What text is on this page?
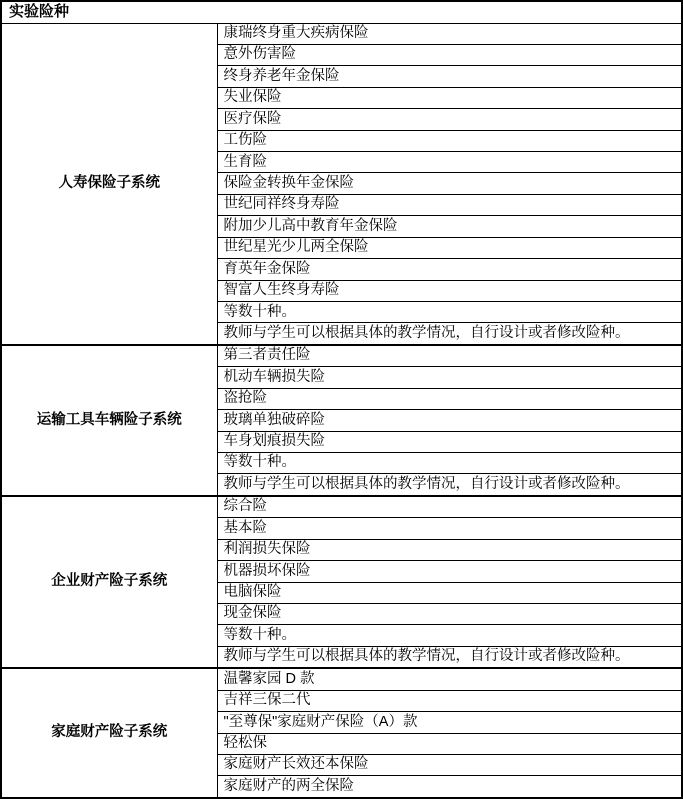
实验险种	
人寿保险子系统	康瑞终身重大疾病保险
	意外伤害险
	终身养老年金保险
	失业保险
	医疗保险
	工伤险
	生育险
	保险金转换年金保险
	世纪同祥终身寿险
	附加少儿高中教育年金保险
	世纪星光少儿两全保险
	育英年金保险
	智富人生终身寿险
	等数十种。
	教师与学生可以根据具体的教学情况，自行设计或者修改险种。
运输工具车辆险子系统	第三者责任险
	机动车辆损失险
	盗抢险
	玻璃单独破碎险
	车身划痕损失险
	等数十种。
	教师与学生可以根据具体的教学情况，自行设计或者修改险种。
企业财产险子系统	综合险
	基本险
	利润损失保险
	机器损坏保险
	电脑保险
	现金保险
	等数十种。
	教师与学生可以根据具体的教学情况，自行设计或者修改险种。
家庭财产险子系统	温馨家园 D 款
	吉祥三保二代
	"至尊保"家庭财产保险（A）款
	轻松保
	家庭财产长效还本保险
	家庭财产的两全保险
